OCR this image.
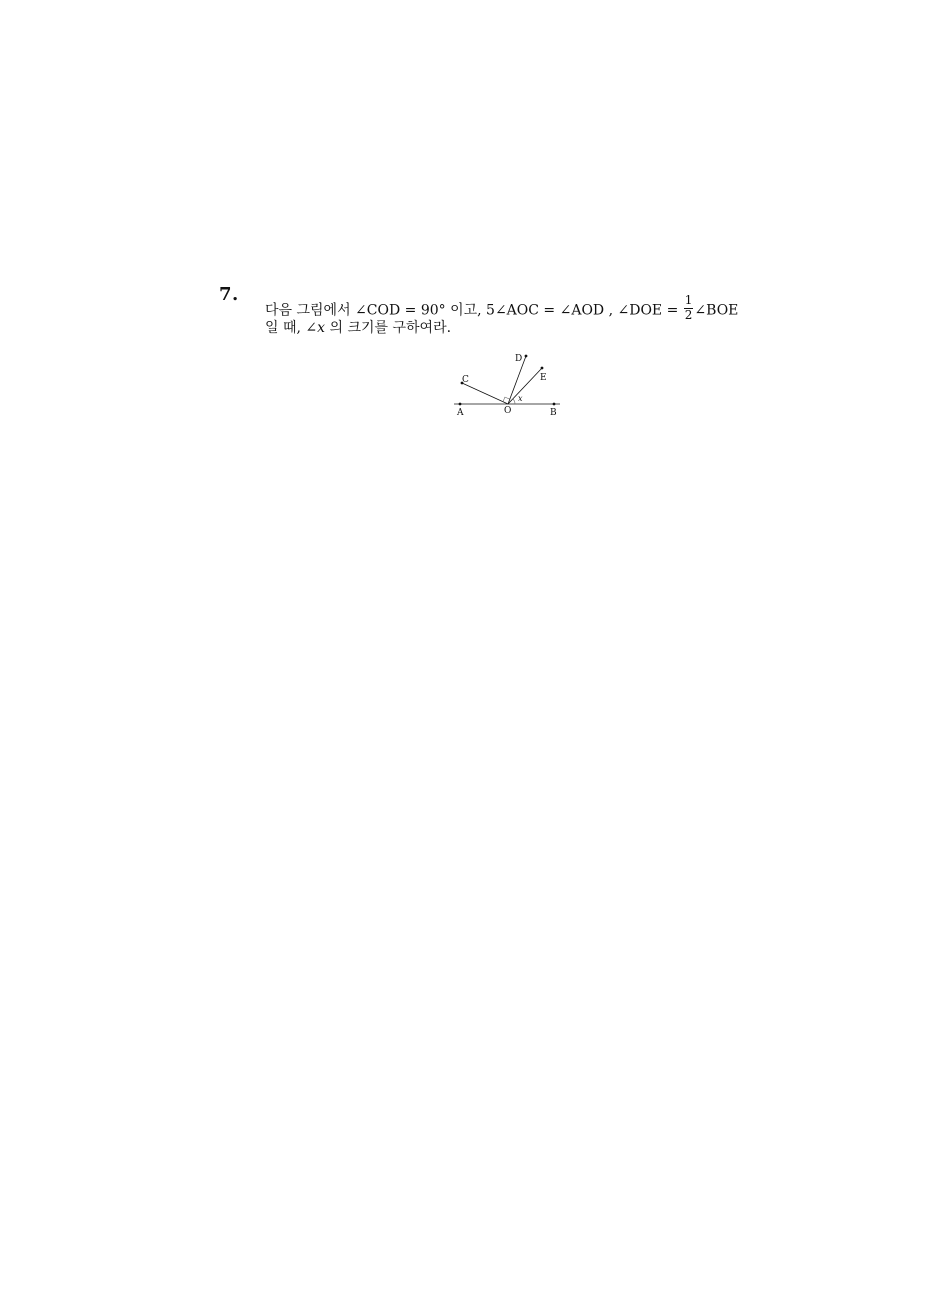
7.
다음 그림에서 ∠COD = 90° 이고, 5∠AOC = ∠AOD , ∠DOE = $\frac{1}{2}$ ∠BOE
일 때, ∠x 의 크기를 구하여라.
A	B
O
C
D
E
x
